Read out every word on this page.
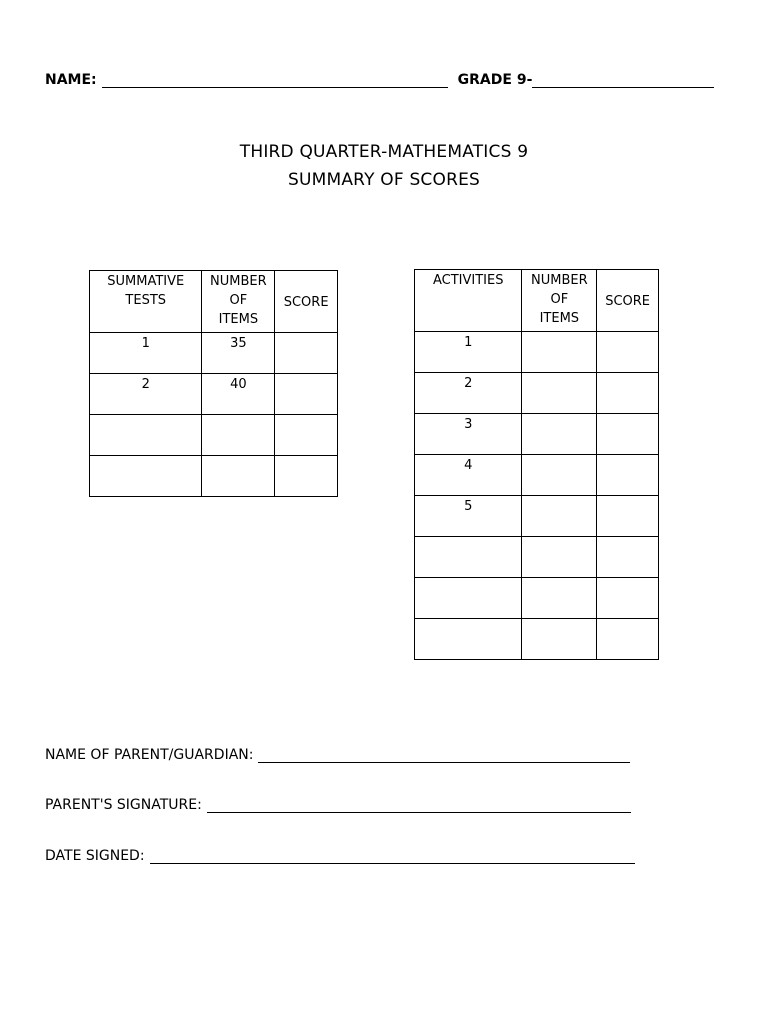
NAME:	GRADE 9-
THIRD QUARTER-MATHEMATICS 9
SUMMARY OF SCORES
SUMMATIVE TESTS	NUMBER OF ITEMS	SCORE
1	35	
2	40	

ACTIVITIES	NUMBER OF ITEMS	SCORE
1		
2		
3		
4		
5		

NAME OF PARENT/GUARDIAN:
PARENT'S SIGNATURE:
DATE SIGNED:
